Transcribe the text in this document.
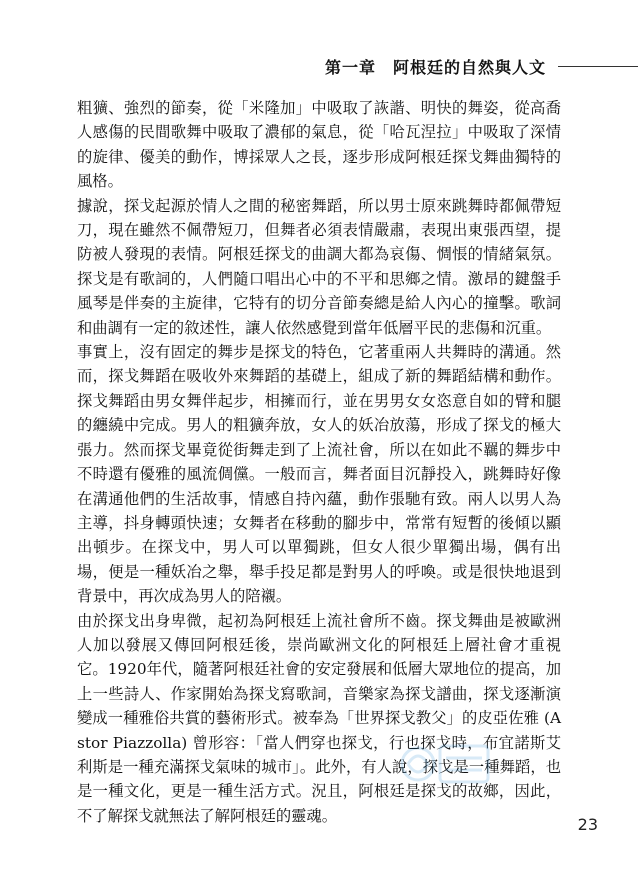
第一章　阿根廷的自然與人文

粗獷、強烈的節奏，從「米隆加」中吸取了詼諧、明快的舞姿，從高喬人感傷的民間歌舞中吸取了濃郁的氣息，從「哈瓦涅拉」中吸取了深情的旋律、優美的動作，博採眾人之長，逐步形成阿根廷探戈舞曲獨特的風格。

據說，探戈起源於情人之間的秘密舞蹈，所以男士原來跳舞時都佩帶短刀，現在雖然不佩帶短刀，但舞者必須表情嚴肅，表現出東張西望，提防被人發現的表情。阿根廷探戈的曲調大都為哀傷、惆悵的情緒氣氛。探戈是有歌詞的，人們隨口唱出心中的不平和思鄉之情。激昂的鍵盤手風琴是伴奏的主旋律，它特有的切分音節奏總是給人內心的撞擊。歌詞和曲調有一定的敘述性，讓人依然感覺到當年低層平民的悲傷和沉重。

事實上，沒有固定的舞步是探戈的特色，它著重兩人共舞時的溝通。然而，探戈舞蹈在吸收外來舞蹈的基礎上，組成了新的舞蹈結構和動作。探戈舞蹈由男女舞伴起步，相擁而行，並在男男女女恣意自如的臂和腿的纏繞中完成。男人的粗獷奔放，女人的妖冶放蕩，形成了探戈的極大張力。然而探戈畢竟從街舞走到了上流社會，所以在如此不羈的舞步中不時還有優雅的風流倜儻。一般而言，舞者面目沉靜投入，跳舞時好像在溝通他們的生活故事，情感自持內蘊，動作張馳有致。兩人以男人為主導，抖身轉頭快速；女舞者在移動的腳步中，常常有短暫的後傾以顯出頓步。在探戈中，男人可以單獨跳，但女人很少單獨出場，偶有出場，便是一種妖冶之舉，舉手投足都是對男人的呼喚。或是很快地退到背景中，再次成為男人的陪襯。

由於探戈出身卑微，起初為阿根廷上流社會所不齒。探戈舞曲是被歐洲人加以發展又傳回阿根廷後，崇尚歐洲文化的阿根廷上層社會才重視它。1920年代，隨著阿根廷社會的安定發展和低層大眾地位的提高，加上一些詩人、作家開始為探戈寫歌詞，音樂家為探戈譜曲，探戈逐漸演變成一種雅俗共賞的藝術形式。被奉為「世界探戈教父」的皮亞佐雅 (Astor Piazzolla) 曾形容：「當人們穿也探戈，行也探戈時，布宜諾斯艾利斯是一種充滿探戈氣味的城市」。此外，有人說，探戈是一種舞蹈，也是一種文化，更是一種生活方式。況且，阿根廷是探戈的故鄉，因此，不了解探戈就無法了解阿根廷的靈魂。	23
